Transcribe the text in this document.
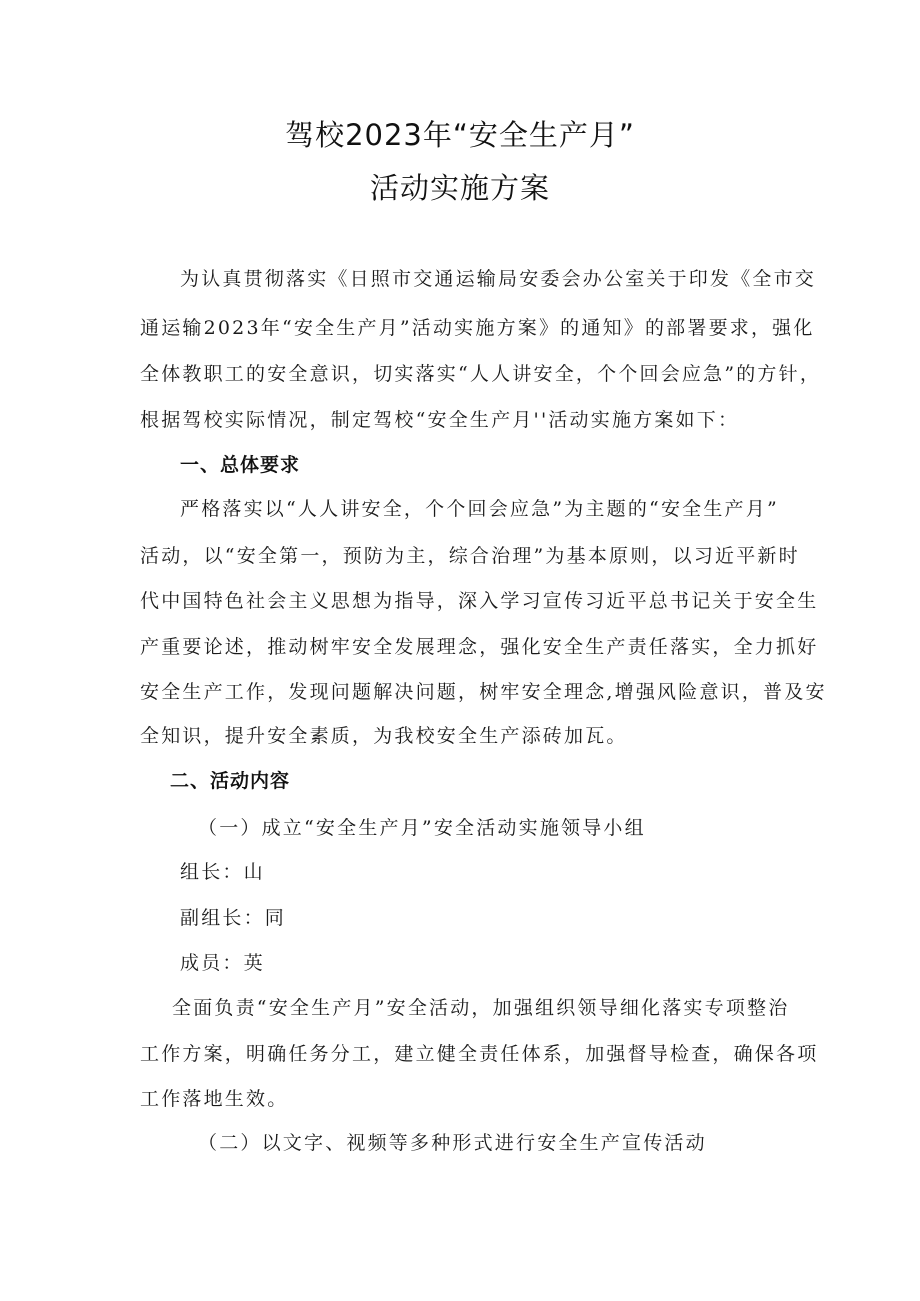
驾校2023年“安全生产月”
活动实施方案
为认真贯彻落实《日照市交通运输局安委会办公室关于印发《全市交
通运输2023年“安全生产月”活动实施方案》的通知》的部署要求，强化
全体教职工的安全意识，切实落实“人人讲安全，个个回会应急”的方针，
根据驾校实际情况，制定驾校“安全生产月''活动实施方案如下：
一、总体要求
严格落实以“人人讲安全，个个回会应急”为主题的“安全生产月”
活动，以“安全第一，预防为主，综合治理”为基本原则，以习近平新时
代中国特色社会主义思想为指导，深入学习宣传习近平总书记关于安全生
产重要论述，推动树牢安全发展理念，强化安全生产责任落实，全力抓好
安全生产工作，发现问题解决问题，树牢安全理念,增强风险意识，普及安
全知识，提升安全素质，为我校安全生产添砖加瓦。
二、活动内容
（一）成立“安全生产月”安全活动实施领导小组
组长：山
副组长：同
成员：英
全面负责“安全生产月”安全活动，加强组织领导细化落实专项整治
工作方案，明确任务分工，建立健全责任体系，加强督导检查，确保各项
工作落地生效。
（二）以文字、视频等多种形式进行安全生产宣传活动
